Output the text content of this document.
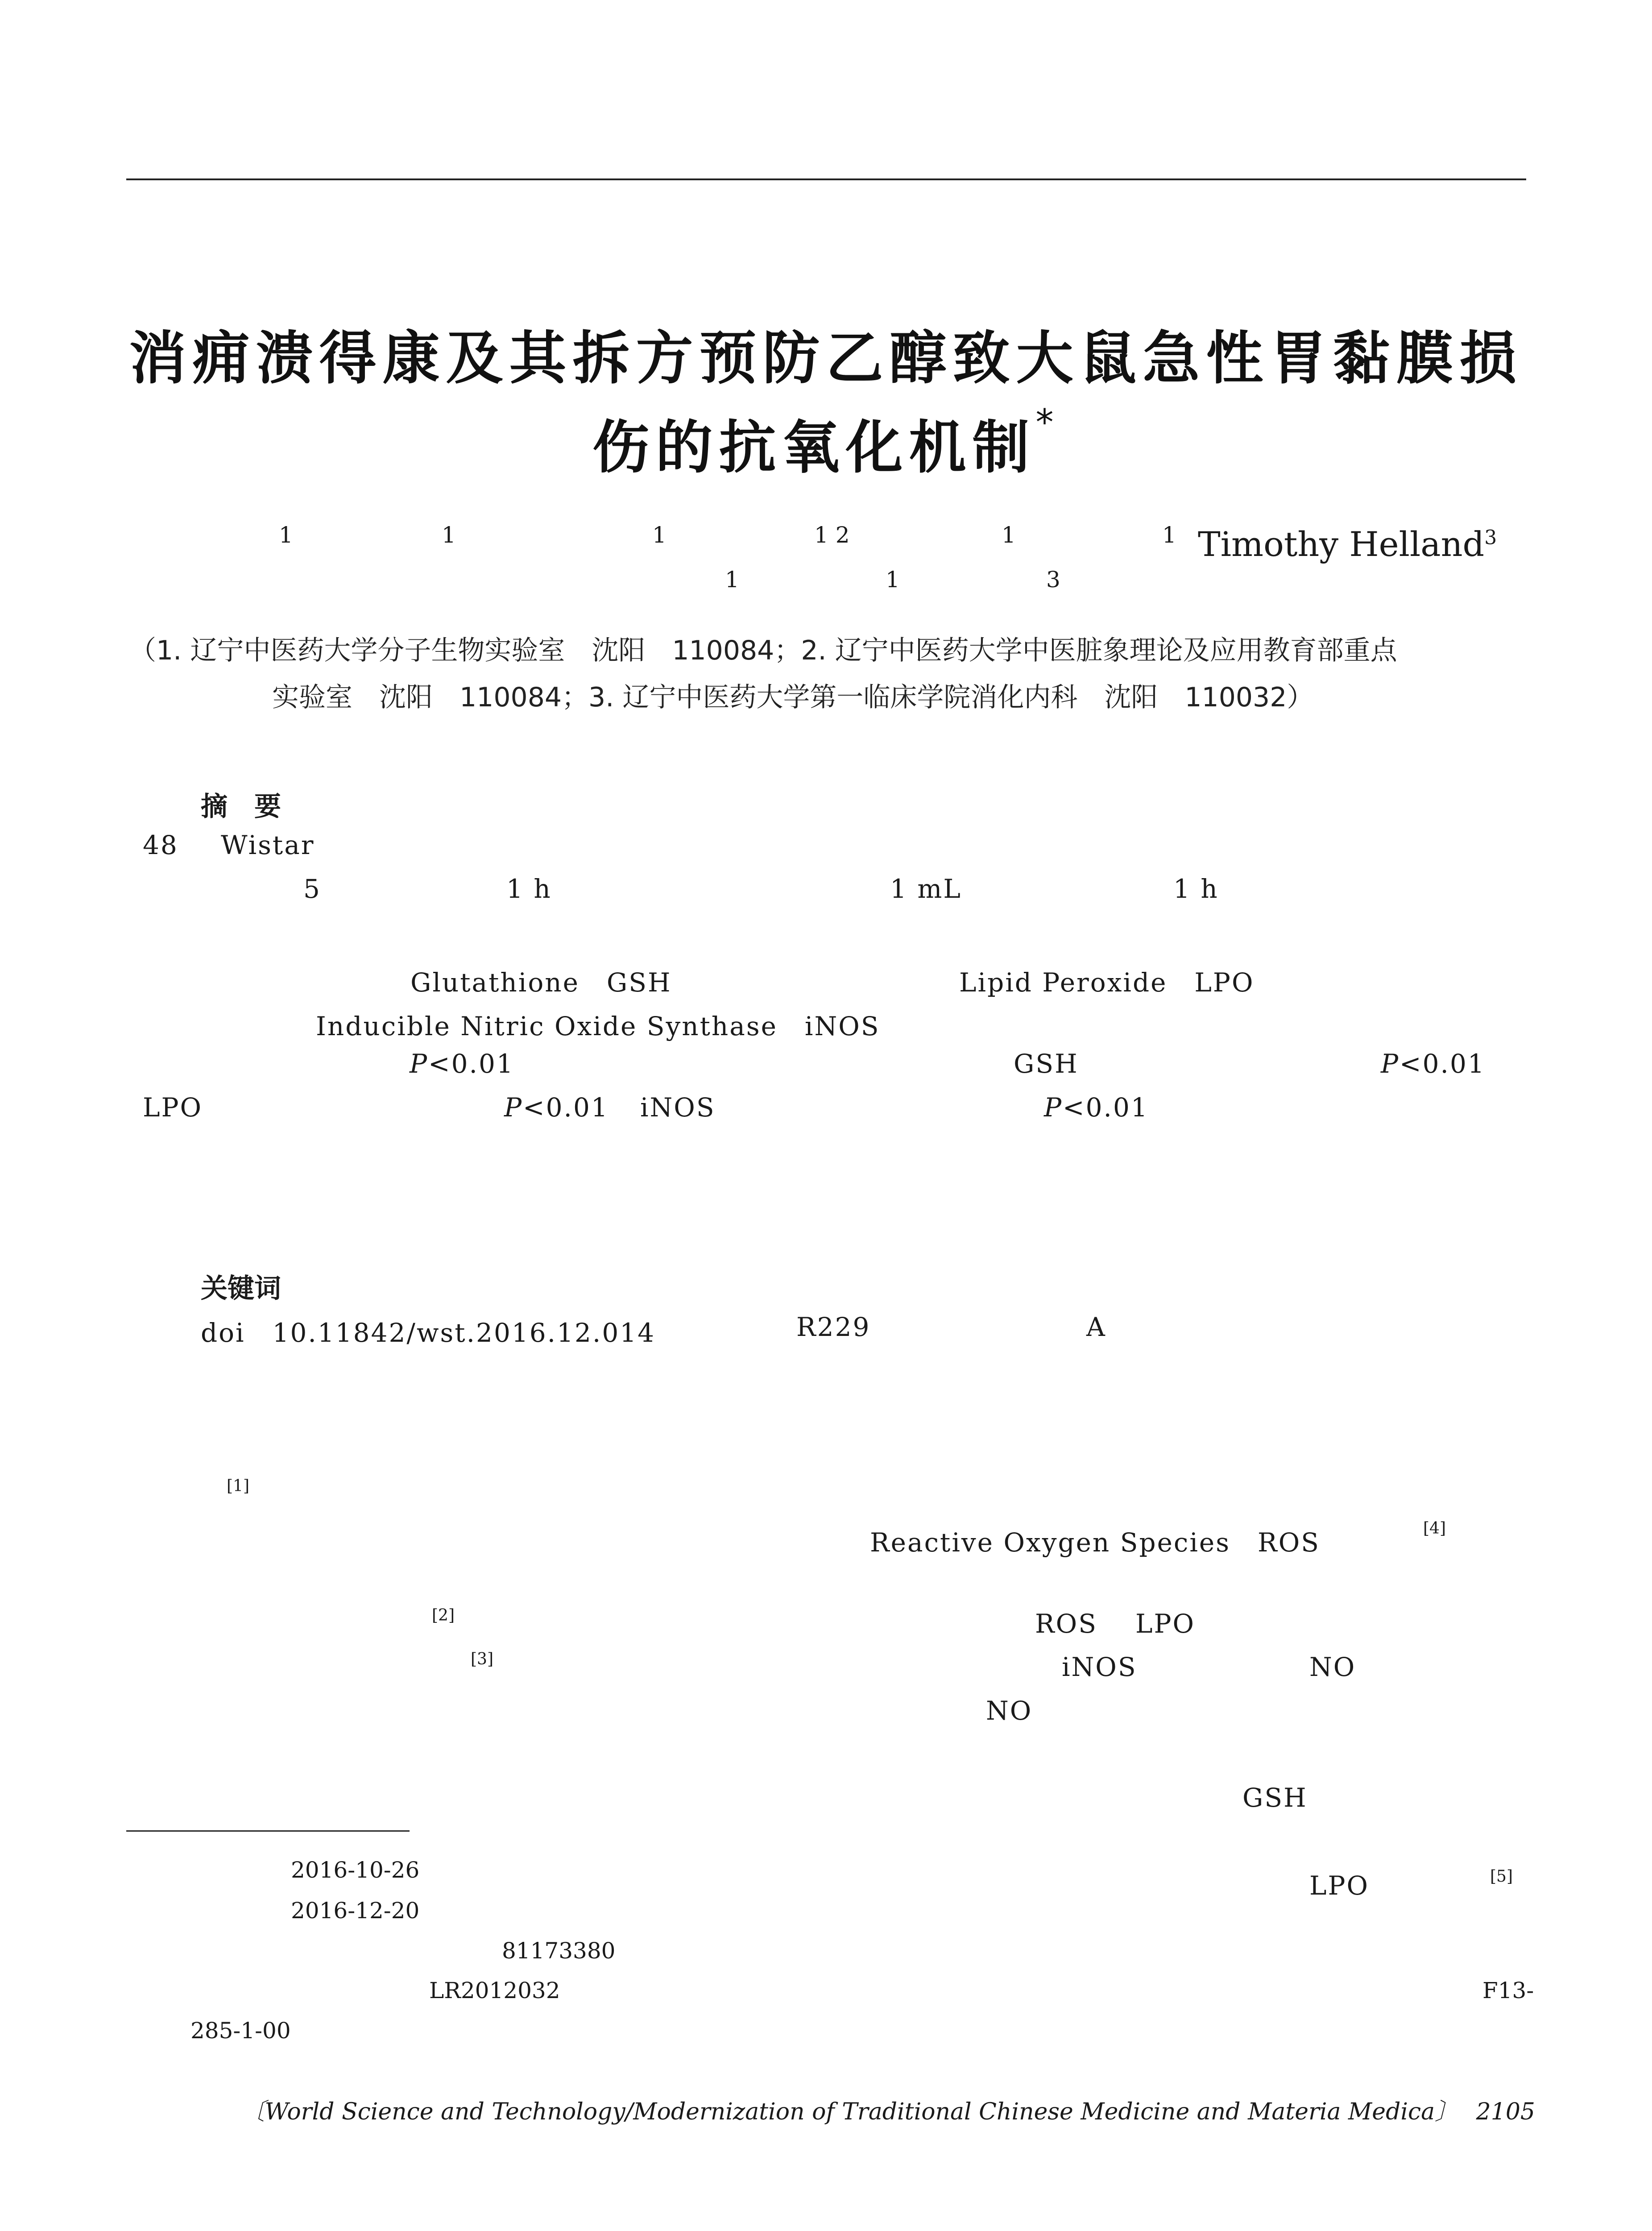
消痈溃得康及其拆方预防乙醇致大鼠急性胃黏膜损
伤的抗氧化机制*
1	1	1	1 2	1	1 Timothy Helland$^3$
1	1	3
（1. 辽宁中医药大学分子生物实验室　沈阳　110084；2. 辽宁中医药大学中医脏象理论及应用教育部重点
实验室　沈阳　110084；3. 辽宁中医药大学第一临床学院消化内科　沈阳　110032）
摘　要
48 Wistar
5	1 h	1 mL	1 h
Glutathione　GSH	Lipid Peroxide　LPO
Inducible Nitric Oxide Synthase　iNOS
P<0.01	GSH	P<0.01
LPO	P<0.01 iNOS	P<0.01
关键词
doi　10.11842/wst.2016.12.014	R229	A
[1]
[2]
[3]
Reactive Oxygen Species　ROS	[4]
ROS LPO
iNOS	NO
NO
GSH
LPO	[5]
2016-10-26
2016-12-20
81173380
LR2012032	F13-
285-1-00
〔World Science and Technology/Modernization of Traditional Chinese Medicine and Materia Medica〕 2105
